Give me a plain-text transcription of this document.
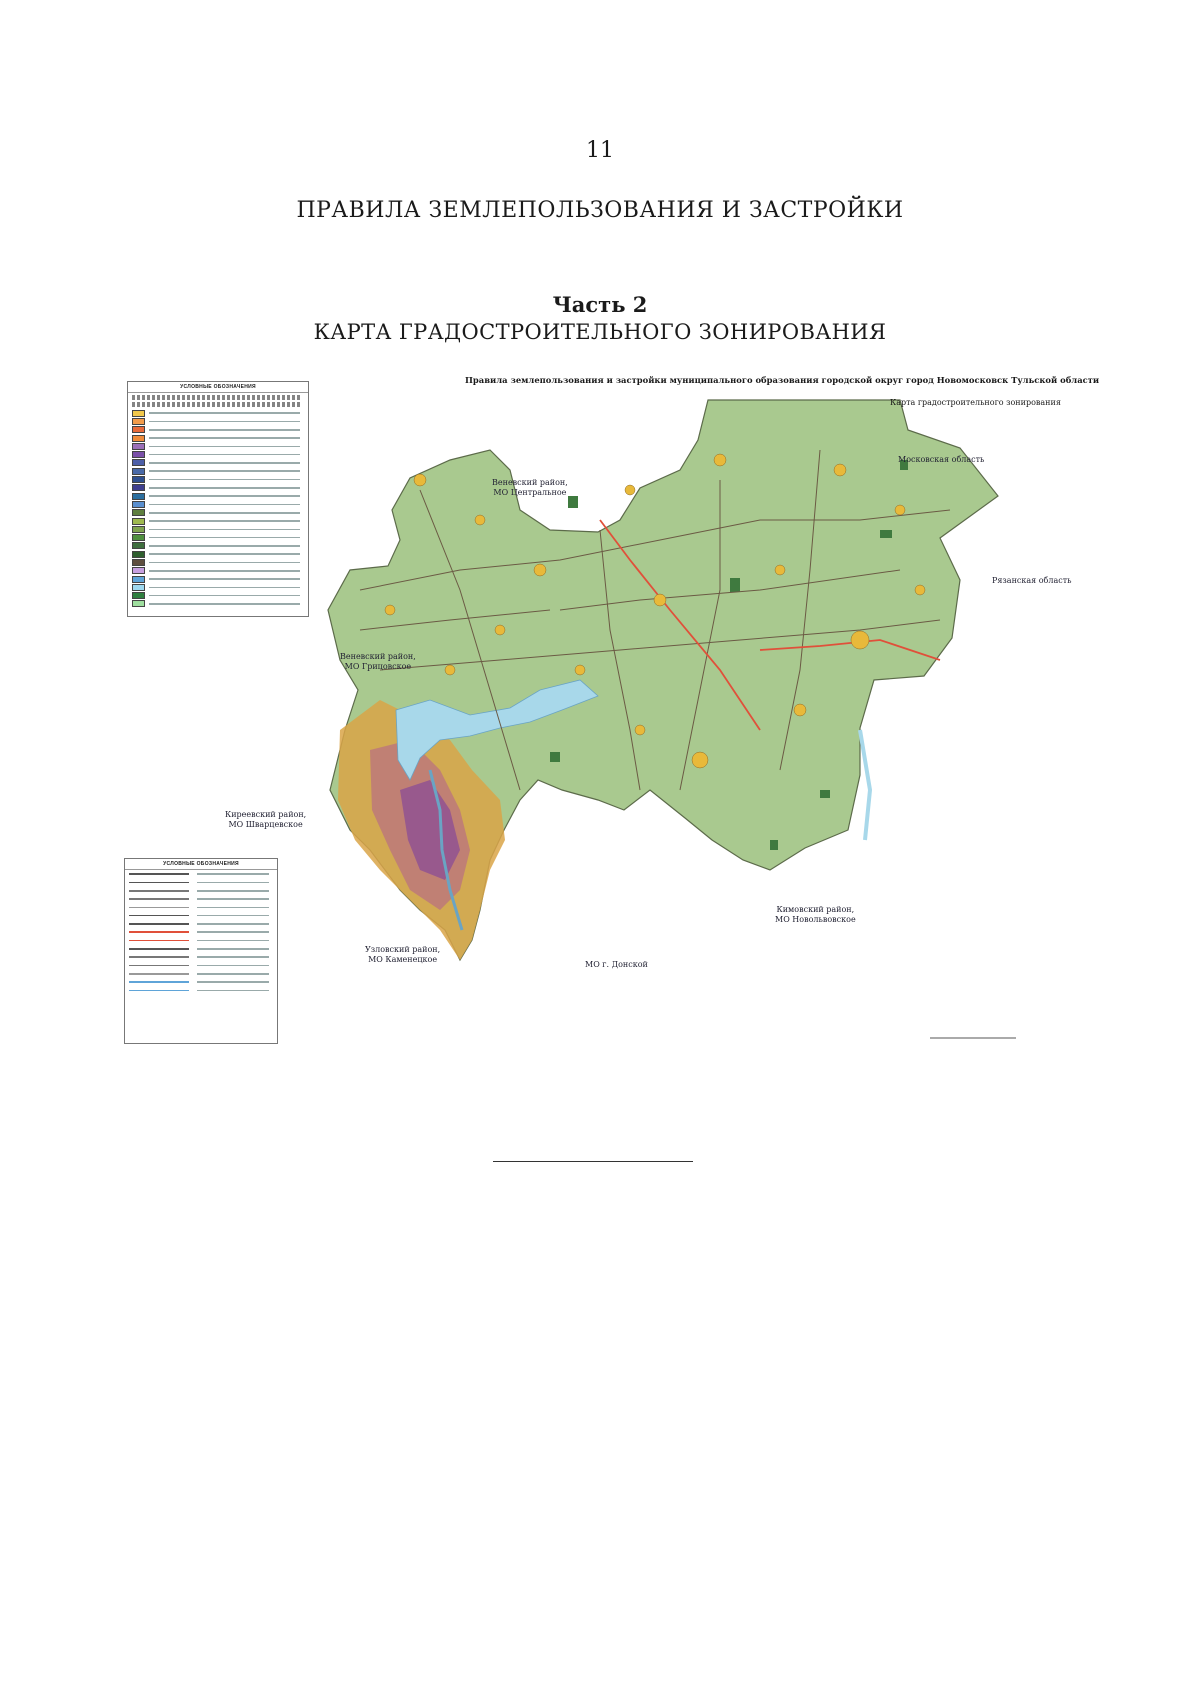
11
ПРАВИЛА ЗЕМЛЕПОЛЬЗОВАНИЯ И ЗАСТРОЙКИ
Часть 2
КАРТА ГРАДОСТРОИТЕЛЬНОГО ЗОНИРОВАНИЯ
УСЛОВНЫЕ ОБОЗНАЧЕНИЯ
Правила землепользования и застройки муниципального образования городской округ город Новомосковск Тульской области
Карта градостроительного зонирования
Московская область
Рязанская область
Веневский район,
МО Центральное
Веневский район,
МО Грицовское
Киреевский район,
МО Шварцевское
Узловский район,
МО Каменецкое
МО г. Донской
Кимовский район,
МО Новольвовское
УСЛОВНЫЕ ОБОЗНАЧЕНИЯ
